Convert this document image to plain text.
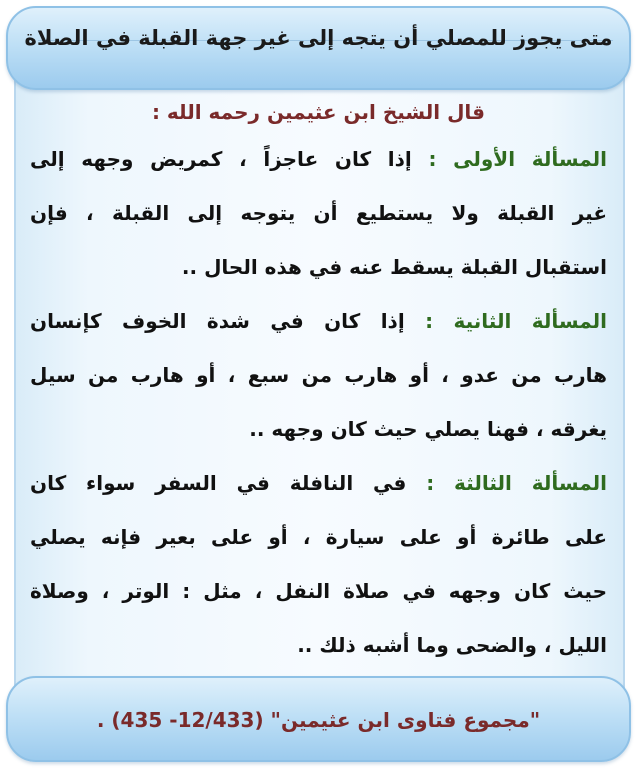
متى يجوز للمصلي أن يتجه إلى غير جهة القبلة في الصلاة
قال الشيخ ابن عثيمين رحمه الله :
المسألة الأولى : إذا كان عاجزاً ، كمريض وجهه إلى
غير القبلة ولا يستطيع أن يتوجه إلى القبلة ، فإن
استقبال القبلة يسقط عنه في هذه الحال ..
المسألة الثانية : إذا كان في شدة الخوف كإنسان
هارب من عدو ، أو هارب من سبع ، أو هارب من سيل
يغرقه ، فهنا يصلي حيث كان وجهه ..
المسألة الثالثة : في النافلة في السفر سواء كان
على طائرة أو على سيارة ، أو على بعير فإنه يصلي
حيث كان وجهه في صلاة النفل ، مثل : الوتر ، وصلاة
الليل ، والضحى وما أشبه ذلك ..
"مجموع فتاوى ابن عثيمين" (12/433- 435) .
